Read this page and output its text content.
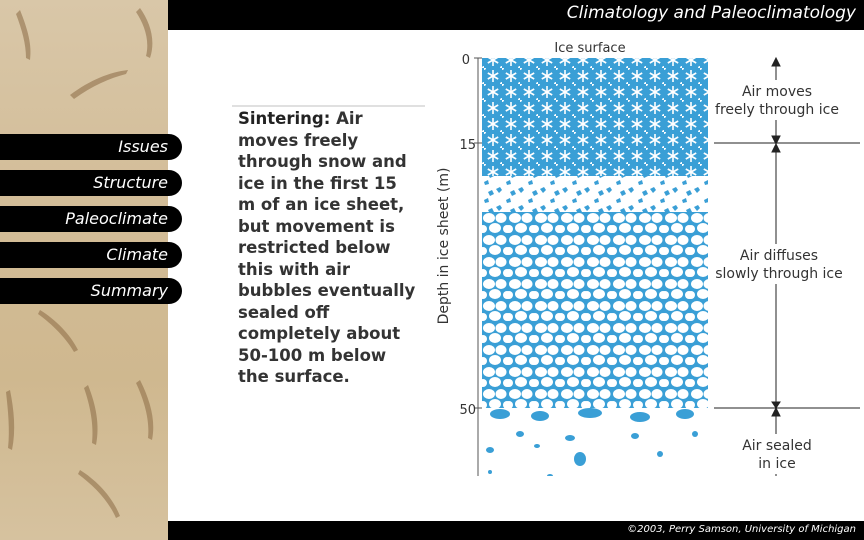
Issues
Structure
Paleoclimate
Climate
Summary
Climatology and Paleoclimatology
Sintering: Air moves freely through snow and ice in the first 15 m of an ice sheet, but movement is restricted below this with air bubbles eventually sealed off completely about 50-100 m below the surface.
Ice surface
0
15
50
Depth in ice sheet (m)
Air moves
freely through ice
Air diffuses
slowly through ice
Air sealed
in ice
©2003, Perry Samson, University of Michigan
